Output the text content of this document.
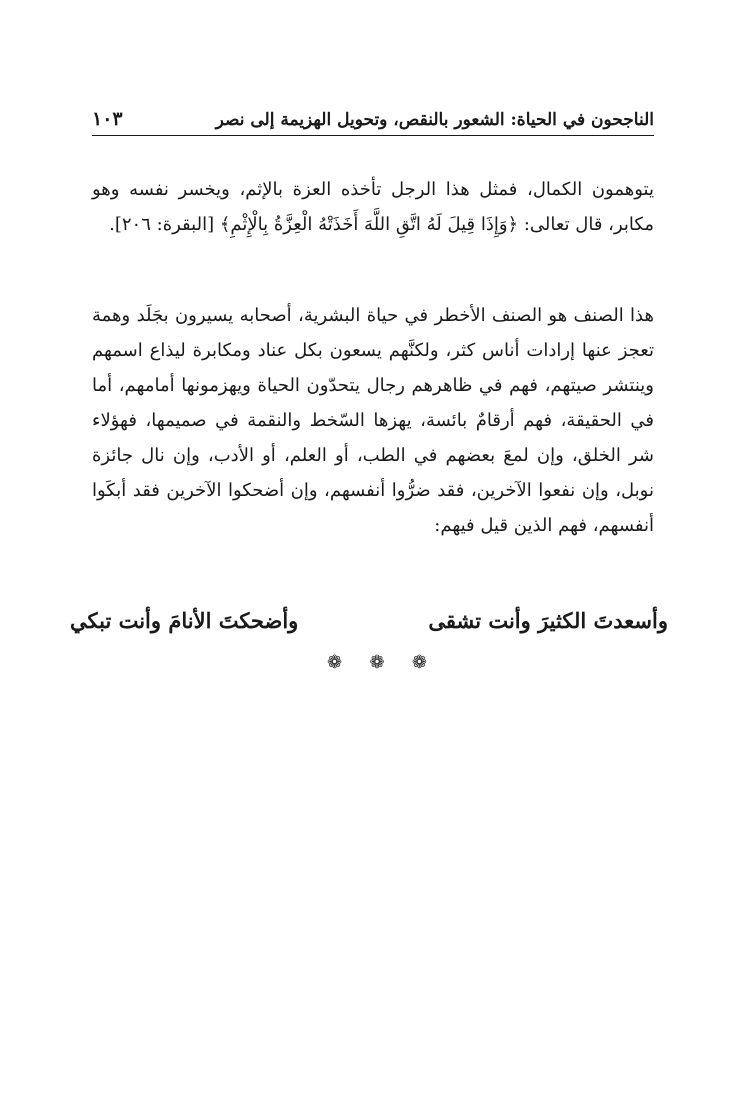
الناجحون في الحياة: الشعور بالنقص، وتحويل الهزيمة إلى نصر
١٠٣

يتوهمون الكمال، فمثل هذا الرجل تأخذه العزة بالإثم، ويخسر نفسه وهو مكابر، قال تعالى: ﴿وَإِذَا قِيلَ لَهُ اتَّقِ اللَّهَ أَخَذَتْهُ الْعِزَّةُ بِالْإِثْمِ﴾ [البقرة: ٢٠٦].

هذا الصنف هو الصنف الأخطر في حياة البشرية، أصحابه يسيرون بجَلَد وهمة تعجز عنها إرادات أناس كثر، ولكنَّهم يسعون بكل عناد ومكابرة ليذاع اسمهم وينتشر صيتهم، فهم في ظاهرهم رجال يتحدّون الحياة ويهزمونها أمامهم، أما في الحقيقة، فهم أرقامٌ بائسة، يهزها السّخط والنقمة في صميمها، فهؤلاء شر الخلق، وإن لمعَ بعضهم في الطب، أو العلم، أو الأدب، وإن نال جائزة نوبل، وإن نفعوا الآخرين، فقد ضرُّوا أنفسهم، وإن أضحكوا الآخرين فقد أبكَوا أنفسهم، فهم الذين قيل فيهم:

وأسعدتَ الكثيرَ وأنت تشقى
وأضحكتَ الأنامَ وأنت تبكي
❁
❁
❁
